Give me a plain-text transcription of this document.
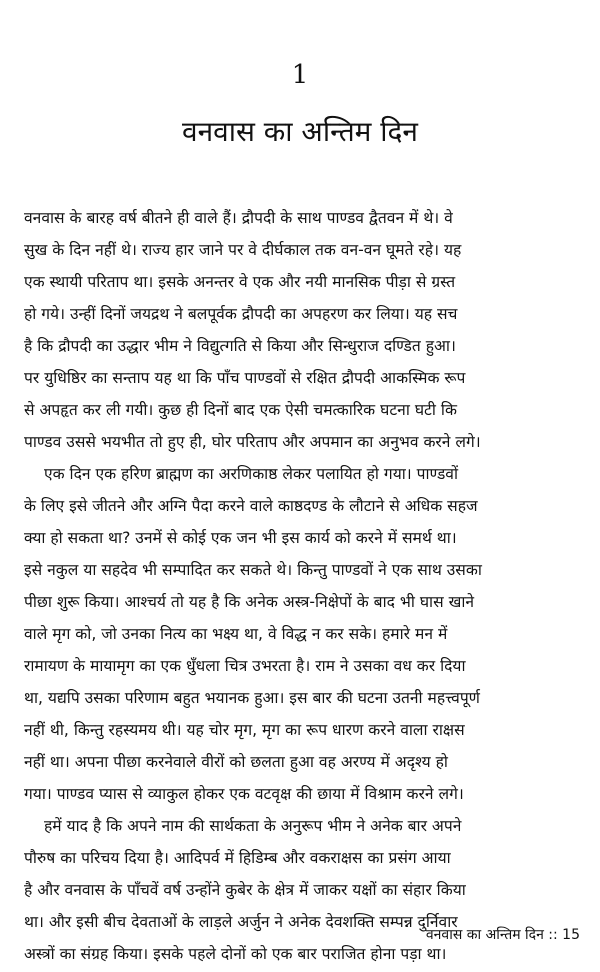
1
वनवास का अन्तिम दिन
वनवास के बारह वर्ष बीतने ही वाले हैं। द्रौपदी के साथ पाण्डव द्वैतवन में थे। वे
सुख के दिन नहीं थे। राज्य हार जाने पर वे दीर्घकाल तक वन-वन घूमते रहे। यह
एक स्थायी परिताप था। इसके अनन्तर वे एक और नयी मानसिक पीड़ा से ग्रस्त
हो गये। उन्हीं दिनों जयद्रथ ने बलपूर्वक द्रौपदी का अपहरण कर लिया। यह सच
है कि द्रौपदी का उद्धार भीम ने विद्युत्गति से किया और सिन्धुराज दण्डित हुआ।
पर युधिष्ठिर का सन्ताप यह था कि पाँच पाण्डवों से रक्षित द्रौपदी आकस्मिक रूप
से अपहृत कर ली गयी। कुछ ही दिनों बाद एक ऐसी चमत्कारिक घटना घटी कि
पाण्डव उससे भयभीत तो हुए ही, घोर परिताप और अपमान का अनुभव करने लगे।
एक दिन एक हरिण ब्राह्मण का अरणिकाष्ठ लेकर पलायित हो गया। पाण्डवों
के लिए इसे जीतने और अग्नि पैदा करने वाले काष्ठदण्ड के लौटाने से अधिक सहज
क्या हो सकता था? उनमें से कोई एक जन भी इस कार्य को करने में समर्थ था।
इसे नकुल या सहदेव भी सम्पादित कर सकते थे। किन्तु पाण्डवों ने एक साथ उसका
पीछा शुरू किया। आश्चर्य तो यह है कि अनेक अस्त्र-निक्षेपों के बाद भी घास खाने
वाले मृग को, जो उनका नित्य का भक्ष्य था, वे विद्ध न कर सके। हमारे मन में
रामायण के मायामृग का एक धुँधला चित्र उभरता है। राम ने उसका वध कर दिया
था, यद्यपि उसका परिणाम बहुत भयानक हुआ। इस बार की घटना उतनी महत्त्वपूर्ण
नहीं थी, किन्तु रहस्यमय थी। यह चोर मृग, मृग का रूप धारण करने वाला राक्षस
नहीं था। अपना पीछा करनेवाले वीरों को छलता हुआ वह अरण्य में अदृश्य हो
गया। पाण्डव प्यास से व्याकुल होकर एक वटवृक्ष की छाया में विश्राम करने लगे।
हमें याद है कि अपने नाम की सार्थकता के अनुरूप भीम ने अनेक बार अपने
पौरुष का परिचय दिया है। आदिपर्व में हिडिम्ब और वकराक्षस का प्रसंग आया
है और वनवास के पाँचवें वर्ष उन्होंने कुबेर के क्षेत्र में जाकर यक्षों का संहार किया
था। और इसी बीच देवताओं के लाड़ले अर्जुन ने अनेक देवशक्ति सम्पन्न दुर्निवार
अस्त्रों का संग्रह किया। इसके पहले दोनों को एक बार पराजित होना पड़ा था।
वनवास का अन्तिम दिन :: 15
